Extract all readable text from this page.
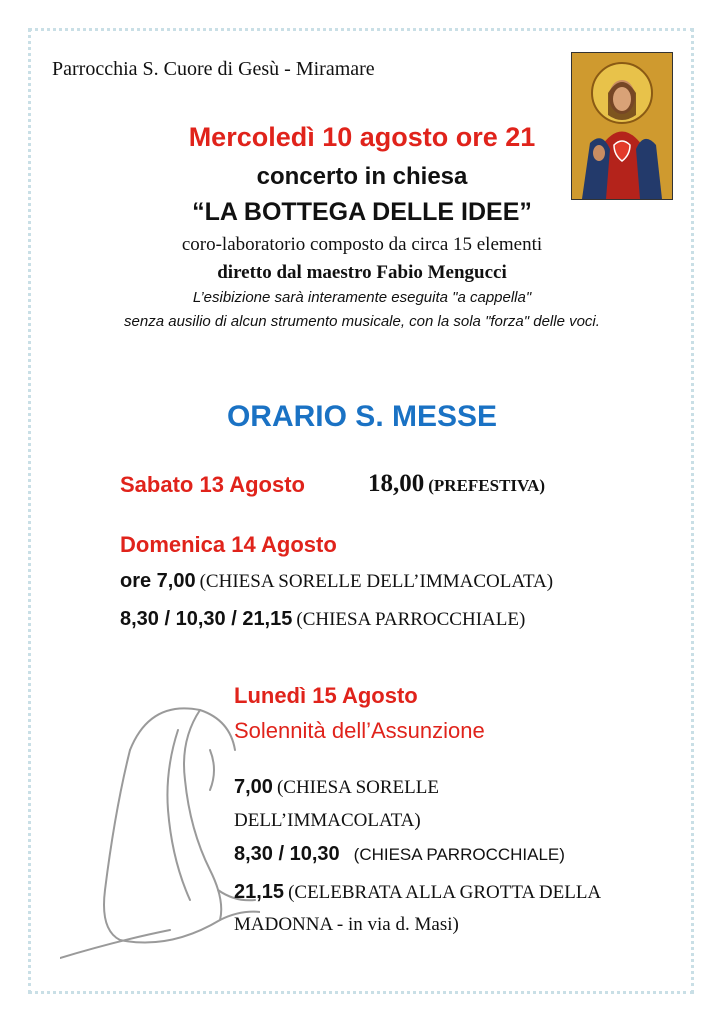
Parrocchia S. Cuore di Gesù - Miramare
Mercoledì 10 agosto ore 21
concerto in chiesa
“LA BOTTEGA DELLE IDEE”
coro-laboratorio composto da circa 15 elementi
diretto dal maestro Fabio Mengucci
L’esibizione sarà interamente eseguita "a cappella"
senza ausilio di alcun strumento musicale, con la sola "forza" delle voci.
ORARIO S. MESSE
Sabato 13 Agosto	18,00 (PREFESTIVA)
Domenica 14 Agosto
ore 7,00 (CHIESA SORELLE DELL’IMMACOLATA)
8,30 / 10,30 / 21,15 (CHIESA PARROCCHIALE)
Lunedì 15 Agosto
Solennità dell’Assunzione
7,00 (CHIESA SORELLE
DELL’IMMACOLATA)
8,30 / 10,30 (CHIESA PARROCCHIALE)
21,15 (CELEBRATA ALLA GROTTA DELLA
MADONNA - in via d. Masi)
